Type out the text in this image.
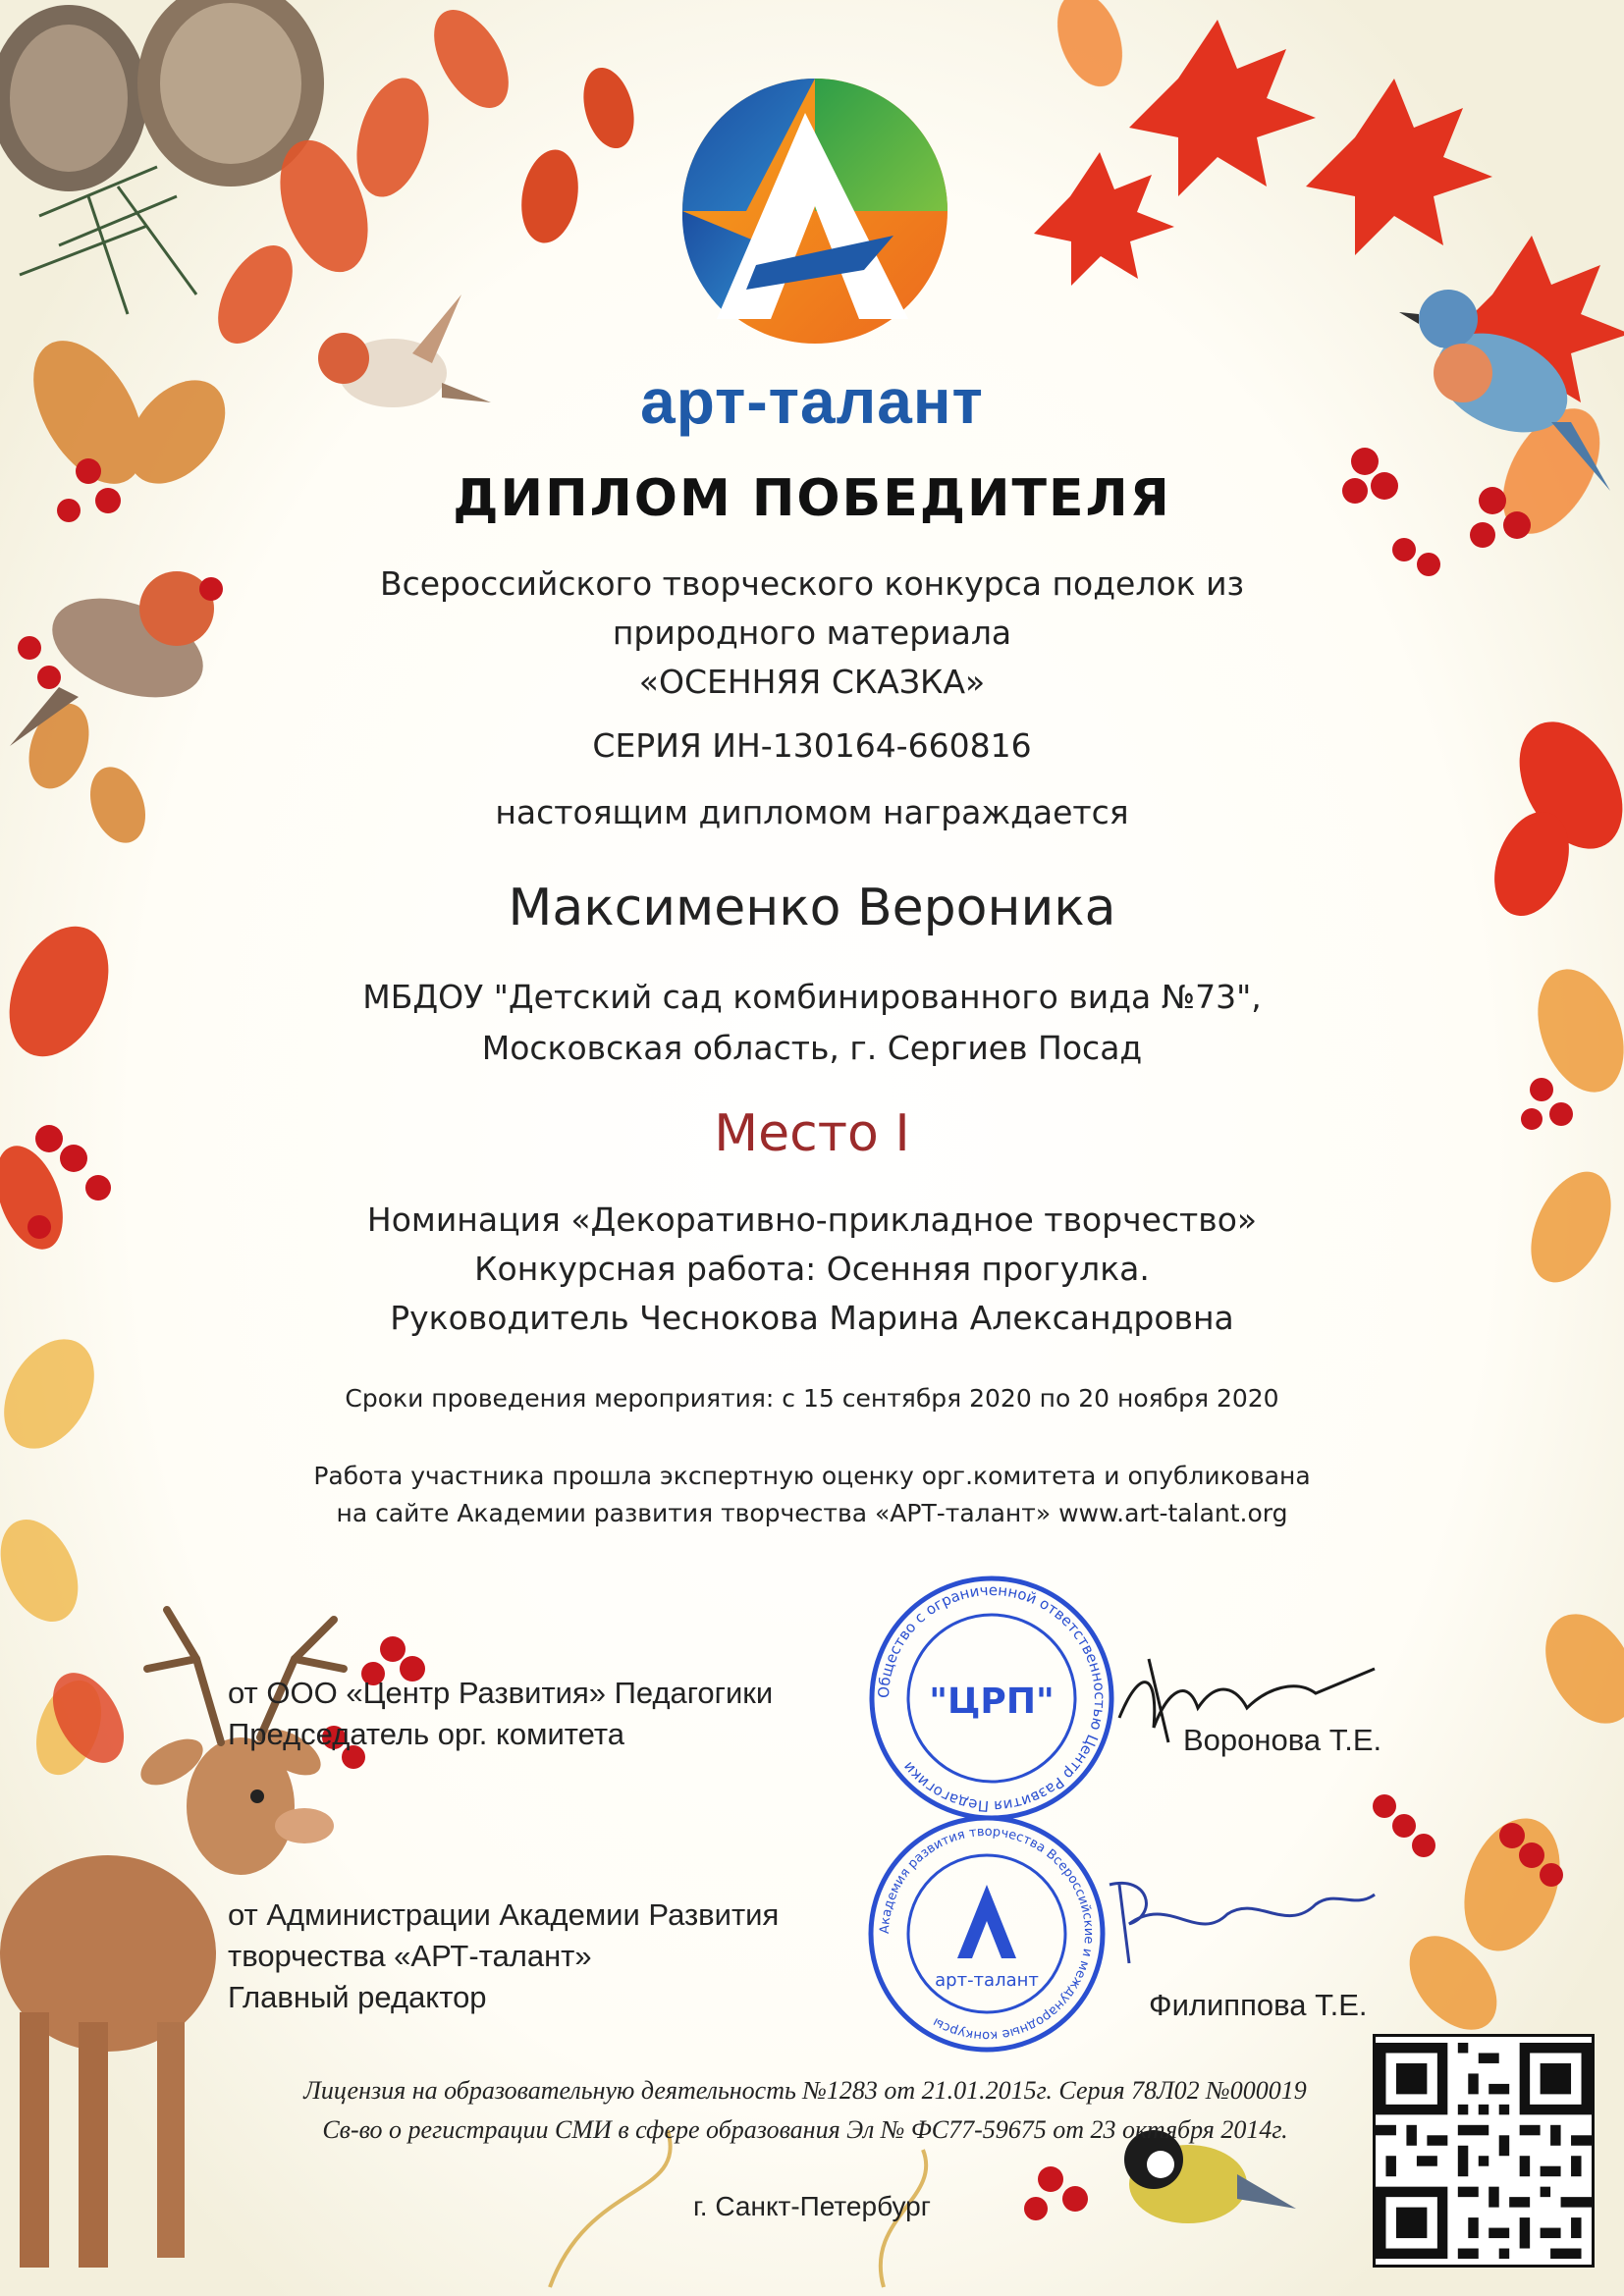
арт-талант
ДИПЛОМ ПОБЕДИТЕЛЯ
Всероссийского творческого конкурса поделок из
природного материала
«ОСЕННЯЯ СКАЗКА»
СЕРИЯ ИН-130164-660816
настоящим дипломом награждается
Максименко Вероника
МБДОУ "Детский сад комбинированного вида №73",
Московская область, г. Сергиев Посад
Место I
Номинация «Декоративно-прикладное творчество»
Конкурсная работа: Осенняя прогулка.
Руководитель Чеснокова Марина Александровна
Сроки проведения мероприятия: с 15 сентября 2020 по 20 ноября 2020
Работа участника прошла экспертную оценку орг.комитета и опубликована
на сайте Академии развития творчества «АРТ-талант» www.art-talant.org
от ООО «Центр Развития» Педагогики
Председатель орг. комитета	Воронова Т.Е.
от Администрации Академии Развития
творчества «АРТ-талант»
Главный редактор	Филиппова Т.Е.
Общество с ограниченной ответственностью Центр Развития Педагогики
"ЦРП"
Академия развития творчества Всероссийские и международные конкурсы
арт-талант
Лицензия на образовательную деятельность №1283 от 21.01.2015г. Серия 78Л02 №000019
Св-во о регистрации СМИ в сфере образования Эл № ФС77-59675 от 23 октября 2014г.
г. Санкт-Петербург
